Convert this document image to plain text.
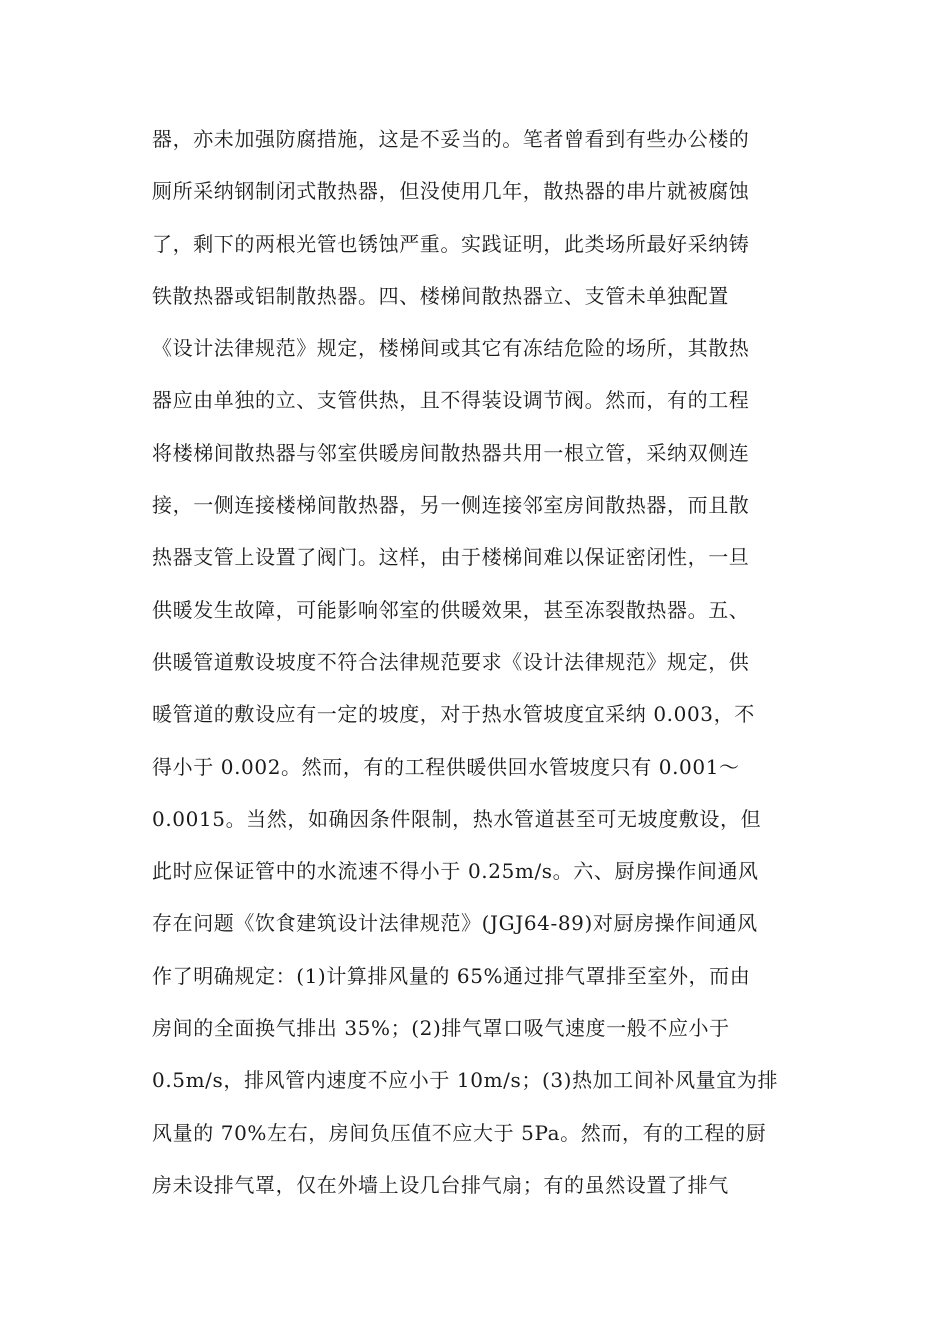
器，亦未加强防腐措施，这是不妥当的。笔者曾看到有些办公楼的
厕所采纳钢制闭式散热器，但没使用几年，散热器的串片就被腐蚀
了，剩下的两根光管也锈蚀严重。实践证明，此类场所最好采纳铸
铁散热器或铝制散热器。四、楼梯间散热器立、支管未单独配置
《设计法律规范》规定，楼梯间或其它有冻结危险的场所，其散热
器应由单独的立、支管供热，且不得装设调节阀。然而，有的工程
将楼梯间散热器与邻室供暖房间散热器共用一根立管，采纳双侧连
接，一侧连接楼梯间散热器，另一侧连接邻室房间散热器，而且散
热器支管上设置了阀门。这样，由于楼梯间难以保证密闭性，一旦
供暖发生故障，可能影响邻室的供暖效果，甚至冻裂散热器。五、
供暖管道敷设坡度不符合法律规范要求《设计法律规范》规定，供
暖管道的敷设应有一定的坡度，对于热水管坡度宜采纳 0.003，不
得小于 0.002。然而，有的工程供暖供回水管坡度只有 0.001～
0.0015。当然，如确因条件限制，热水管道甚至可无坡度敷设，但
此时应保证管中的水流速不得小于 0.25m/s。六、厨房操作间通风
存在问题《饮食建筑设计法律规范》(JGJ64-89)对厨房操作间通风
作了明确规定：(1)计算排风量的 65%通过排气罩排至室外，而由
房间的全面换气排出 35%；(2)排气罩口吸气速度一般不应小于
0.5m/s，排风管内速度不应小于 10m/s；(3)热加工间补风量宜为排
风量的 70%左右，房间负压值不应大于 5Pa。然而，有的工程的厨
房未设排气罩，仅在外墙上设几台排气扇；有的虽然设置了排气
